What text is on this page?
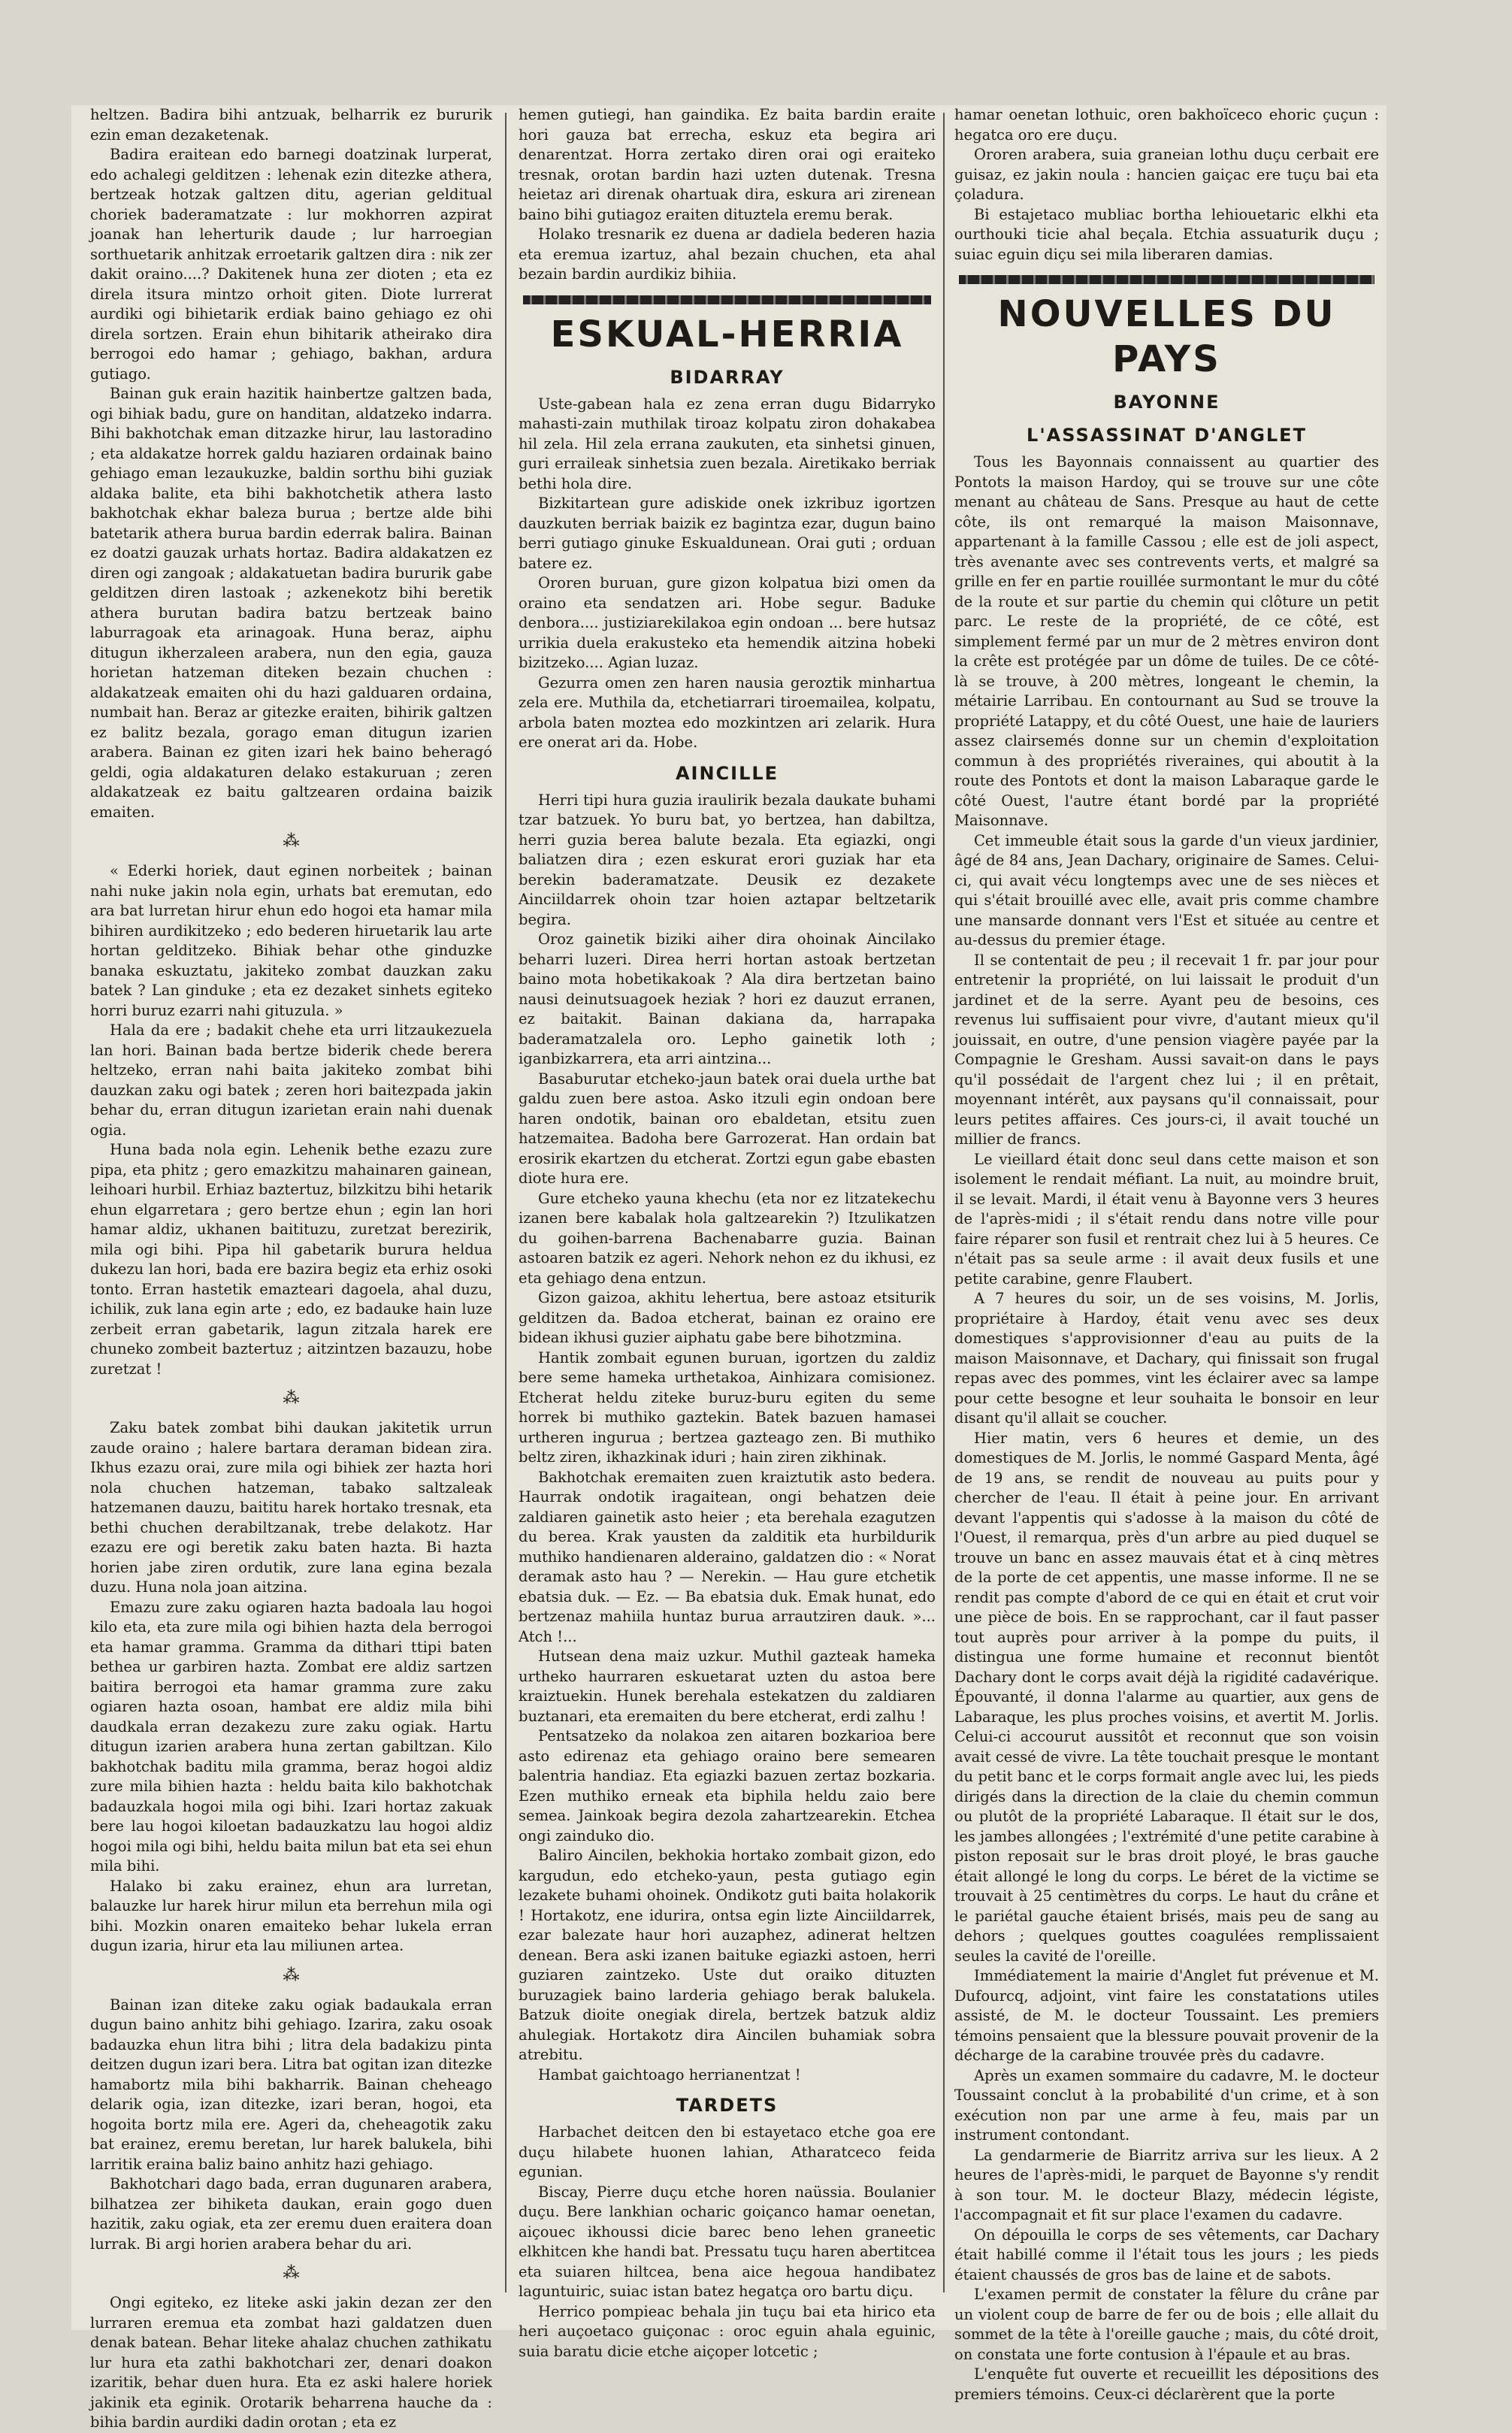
heltzen. Badira bihi antzuak, belharrik ez bururik ezin eman dezaketenak.

Badira eraitean edo barnegi doatzinak lurperat, edo achalegi gelditzen : lehenak ezin ditezke athera, bertzeak hotzak galtzen ditu, agerian gelditual choriek baderamatzate : lur mokhorren azpirat joanak han leherturik daude ; lur harroegian sorthuetarik anhitzak erroetarik galtzen dira : nik zer dakit oraino....? Dakitenek huna zer dioten ; eta ez direla itsura mintzo orhoit giten. Diote lurrerat aurdiki ogi bihietarik erdiak baino gehiago ez ohi direla sortzen. Erain ehun bihitarik atheirako dira berrogoi edo hamar ; gehiago, bakhan, ardura gutiago.

Bainan guk erain hazitik hainbertze galtzen bada, ogi bihiak badu, gure on handitan, aldatzeko indarra. Bihi bakhotchak eman ditzazke hirur, lau lastoradino ; eta aldakatze horrek galdu haziaren ordainak baino gehiago eman lezaukuzke, baldin sorthu bihi guziak aldaka balite, eta bihi bakhotchetik athera lasto bakhotchak ekhar baleza burua ; bertze alde bihi batetarik athera burua bardin ederrak balira. Bainan ez doatzi gauzak urhats hortaz. Badira aldakatzen ez diren ogi zangoak ; aldakatuetan badira bururik gabe gelditzen diren lastoak ; azkenekotz bihi beretik athera burutan badira batzu bertzeak baino laburragoak eta arinagoak. Huna beraz, aiphu ditugun ikherzaleen arabera, nun den egia, gauza horietan hatzeman diteken bezain chuchen : aldakatzeak emaiten ohi du hazi galduaren ordaina, numbait han. Beraz ar gitezke eraiten, bihirik galtzen ez balitz bezala, gorago eman ditugun izarien arabera. Bainan ez giten izari hek baino beheragó geldi, ogia aldakaturen delako estakuruan ; zeren aldakatzeak ez baitu galtzearen ordaina baizik emaiten.

⁂

« Ederki horiek, daut eginen norbeitek ; bainan nahi nuke jakin nola egin, urhats bat eremutan, edo ara bat lurretan hirur ehun edo hogoi eta hamar mila bihiren aurdikitzeko ; edo bederen hiruetarik lau arte hortan gelditzeko. Bihiak behar othe ginduzke banaka eskuztatu, jakiteko zombat dauzkan zaku batek ? Lan ginduke ; eta ez dezaket sinhets egiteko horri buruz ezarri nahi gituzula. »

Hala da ere ; badakit chehe eta urri litzaukezuela lan hori. Bainan bada bertze biderik chede berera heltzeko, erran nahi baita jakiteko zombat bihi dauzkan zaku ogi batek ; zeren hori baitezpada jakin behar du, erran ditugun izarietan erain nahi duenak ogia.

Huna bada nola egin. Lehenik bethe ezazu zure pipa, eta phitz ; gero emazkitzu mahainaren gainean, leihoari hurbil. Erhiaz baztertuz, bilzkitzu bihi hetarik ehun elgarretara ; gero bertze ehun ; egin lan hori hamar aldiz, ukhanen baitituzu, zuretzat berezirik, mila ogi bihi. Pipa hil gabetarik burura heldua dukezu lan hori, bada ere bazira begiz eta erhiz osoki tonto. Erran hastetik emazteari dagoela, ahal duzu, ichilik, zuk lana egin arte ; edo, ez badauke hain luze zerbeit erran gabetarik, lagun zitzala harek ere chuneko zombeit baztertuz ; aitzintzen bazauzu, hobe zuretzat !

⁂

Zaku batek zombat bihi daukan jakitetik urrun zaude oraino ; halere bartara deraman bidean zira. Ikhus ezazu orai, zure mila ogi bihiek zer hazta hori nola chuchen hatzeman, tabako saltzaleak hatzemanen dauzu, baititu harek hortako tresnak, eta bethi chuchen derabiltzanak, trebe delakotz. Har ezazu ere ogi beretik zaku baten hazta. Bi hazta horien jabe ziren ordutik, zure lana egina bezala duzu. Huna nola joan aitzina.

Emazu zure zaku ogiaren hazta badoala lau hogoi kilo eta, eta zure mila ogi bihien hazta dela berrogoi eta hamar gramma. Gramma da dithari ttipi baten bethea ur garbiren hazta. Zombat ere aldiz sartzen baitira berrogoi eta hamar gramma zure zaku ogiaren hazta osoan, hambat ere aldiz mila bihi daudkala erran dezakezu zure zaku ogiak. Hartu ditugun izarien arabera huna zertan gabiltzan. Kilo bakhotchak baditu mila gramma, beraz hogoi aldiz zure mila bihien hazta : heldu baita kilo bakhotchak badauzkala hogoi mila ogi bihi. Izari hortaz zakuak bere lau hogoi kiloetan badauzkatzu lau hogoi aldiz hogoi mila ogi bihi, heldu baita milun bat eta sei ehun mila bihi.

Halako bi zaku erainez, ehun ara lurretan, balauzke lur harek hirur milun eta berrehun mila ogi bihi. Mozkin onaren emaiteko behar lukela erran dugun izaria, hirur eta lau miliunen artea.

⁂

Bainan izan diteke zaku ogiak badaukala erran dugun baino anhitz bihi gehiago. Izarira, zaku osoak badauzka ehun litra bihi ; litra dela badakizu pinta deitzen dugun izari bera. Litra bat ogitan izan ditezke hamabortz mila bihi bakharrik. Bainan cheheago delarik ogia, izan ditezke, izari beran, hogoi, eta hogoita bortz mila ere. Ageri da, cheheagotik zaku bat erainez, eremu beretan, lur harek balukela, bihi larritik eraina baliz baino anhitz hazi gehiago.

Bakhotchari dago bada, erran dugunaren arabera, bilhatzea zer bihiketa daukan, erain gogo duen hazitik, zaku ogiak, eta zer eremu duen eraitera doan lurrak. Bi argi horien arabera behar du ari.

⁂

Ongi egiteko, ez liteke aski jakin dezan zer den lurraren eremua eta zombat hazi galdatzen duen denak batean. Behar liteke ahalaz chuchen zathikatu lur hura eta zathi bakhotchari zer, denari doakon izaritik, behar duen hura. Eta ez aski halere horiek jakinik eta eginik. Orotarik beharrena hauche da : bihia bardin aurdiki dadin orotan ; eta ez

hemen gutiegi, han gaindika. Ez baita bardin eraite hori gauza bat errecha, eskuz eta begira ari denarentzat. Horra zertako diren orai ogi eraiteko tresnak, orotan bardin hazi uzten dutenak. Tresna heietaz ari direnak ohartuak dira, eskura ari zirenean baino bihi gutiagoz eraiten dituztela eremu berak.

Holako tresnarik ez duena ar dadiela bederen hazia eta eremua izartuz, ahal bezain chuchen, eta ahal bezain bardin aurdikiz bihiia.

ESKUAL-HERRIA
BIDARRAY

Uste-gabean hala ez zena erran dugu Bidarryko mahasti-zain muthilak tiroaz kolpatu ziron dohakabea hil zela. Hil zela errana zaukuten, eta sinhetsi ginuen, guri erraileak sinhetsia zuen bezala. Airetikako berriak bethi hola dire.

Bizkitartean gure adiskide onek izkribuz igortzen dauzkuten berriak baizik ez bagintza ezar, dugun baino berri gutiago ginuke Eskualdunean. Orai guti ; orduan batere ez.

Ororen buruan, gure gizon kolpatua bizi omen da oraino eta sendatzen ari. Hobe segur. Baduke denbora.... justiziarekilakoa egin ondoan ... bere hutsaz urrikia duela erakusteko eta hemendik aitzina hobeki bizitzeko.... Agian luzaz.

Gezurra omen zen haren nausia geroztik minhartua zela ere. Muthila da, etchetiarrari tiroemailea, kolpatu, arbola baten moztea edo mozkintzen ari zelarik. Hura ere onerat ari da. Hobe.

AINCILLE

Herri tipi hura guzia iraulirik bezala daukate buhami tzar batzuek. Yo buru bat, yo bertzea, han dabiltza, herri guzia berea balute bezala. Eta egiazki, ongi baliatzen dira ; ezen eskurat erori guziak har eta berekin baderamatzate. Deusik ez dezakete Ainciildarrek ohoin tzar hoien aztapar beltzetarik begira.

Oroz gainetik biziki aiher dira ohoinak Aincilako beharri luzeri. Direa herri hortan astoak bertzetan baino mota hobetikakoak ? Ala dira bertzetan baino nausi deinutsuagoek heziak ? hori ez dauzut erranen, ez baitakit. Bainan dakiana da, harrapaka baderamatzalela oro. Lepho gainetik loth ; iganbizkarrera, eta arri aintzina...

Basaburutar etcheko-jaun batek orai duela urthe bat galdu zuen bere astoa. Asko itzuli egin ondoan bere haren ondotik, bainan oro ebaldetan, etsitu zuen hatzemaitea. Badoha bere Garrozerat. Han ordain bat erosirik ekartzen du etcherat. Zortzi egun gabe ebasten diote hura ere.

Gure etcheko yauna khechu (eta nor ez litzatekechu izanen bere kabalak hola galtzearekin ?) Itzulikatzen du goihen-barrena Bachenabarre guzia. Bainan astoaren batzik ez ageri. Nehork nehon ez du ikhusi, ez eta gehiago dena entzun.

Gizon gaizoa, akhitu lehertua, bere astoaz etsiturik gelditzen da. Badoa etcherat, bainan ez oraino ere bidean ikhusi guzier aiphatu gabe bere bihotzmina.

Hantik zombait egunen buruan, igortzen du zaldiz bere seme hameka urthetakoa, Ainhizara comisionez. Etcherat heldu ziteke buruz-buru egiten du seme horrek bi muthiko gaztekin. Batek bazuen hamasei urtheren ingurua ; bertzea gazteago zen. Bi muthiko beltz ziren, ikhazkinak iduri ; hain ziren zikhinak.

Bakhotchak eremaiten zuen kraiztutik asto bedera. Haurrak ondotik iragaitean, ongi behatzen deie zaldiaren gainetik asto heier ; eta berehala ezagutzen du berea. Krak yausten da zalditik eta hurbildurik muthiko handienaren alderaino, galdatzen dio : « Norat deramak asto hau ? — Nerekin. — Hau gure etchetik ebatsia duk. — Ez. — Ba ebatsia duk. Emak hunat, edo bertzenaz mahiila huntaz burua arrautziren dauk. »... Atch !...

Hutsean dena maiz uzkur. Muthil gazteak hameka urtheko haurraren eskuetarat uzten du astoa bere kraiztuekin. Hunek berehala estekatzen du zaldiaren buztanari, eta eremaiten du bere etcherat, erdi zalhu !

Pentsatzeko da nolakoa zen aitaren bozkarioa bere asto edirenaz eta gehiago oraino bere semearen balentria handiaz. Eta egiazki bazuen zertaz bozkaria. Ezen muthiko erneak eta biphila heldu zaio bere semea. Jainkoak begira dezola zahartzearekin. Etchea ongi zainduko dio.

Baliro Aincilen, bekhokia hortako zombait gizon, edo kargudun, edo etcheko-yaun, pesta gutiago egin lezakete buhami ohoinek. Ondikotz guti baita holakorik ! Hortakotz, ene idurira, ontsa egin lizte Ainciildarrek, ezar balezate haur hori auzaphez, adinerat heltzen denean. Bera aski izanen baituke egiazki astoen, herri guziaren zaintzeko. Uste dut oraiko dituzten buruzagiek baino larderia gehiago berak balukela. Batzuk dioite onegiak direla, bertzek batzuk aldiz ahulegiak. Hortakotz dira Aincilen buhamiak sobra atrebitu.

Hambat gaichtoago herrianentzat !

TARDETS

Harbachet deitcen den bi estayetaco etche goa ere duçu hilabete huonen lahian, Atharatceco feida egunian.

Biscay, Pierre duçu etche horen naüssia. Boulanier duçu. Bere lankhian ocharic goiçanco hamar oenetan, aiçouec ikhoussi dicie barec beno lehen graneetic elkhitcen khe handi bat. Pressatu tuçu haren abertitcea eta suiaren hiltcea, bena aice hegoua handibatez laguntuiric, suiac istan batez hegatça oro bartu diçu.

Herrico pompieac behala jin tuçu bai eta hirico eta heri auçoetaco guiçonac : oroc eguin ahala eguinic, suia baratu dicie etche aiçoper lotcetic ;

hamar oenetan lothuic, oren bakhoïceco ehoric çuçun : hegatca oro ere duçu.

Ororen arabera, suia graneian lothu duçu cerbait ere guisaz, ez jakin noula : hancien gaiçac ere tuçu bai eta çoladura.

Bi estajetaco mubliac bortha lehiouetaric elkhi eta ourthouki ticie ahal beçala. Etchia assuaturik duçu ; suiac eguin diçu sei mila liberaren damias.

NOUVELLES DU PAYS
BAYONNE
L'ASSASSINAT D'ANGLET

Tous les Bayonnais connaissent au quartier des Pontots la maison Hardoy, qui se trouve sur une côte menant au château de Sans. Presque au haut de cette côte, ils ont remarqué la maison Maisonnave, appartenant à la famille Cassou ; elle est de joli aspect, très avenante avec ses contrevents verts, et malgré sa grille en fer en partie rouillée surmontant le mur du côté de la route et sur partie du chemin qui clôture un petit parc. Le reste de la propriété, de ce côté, est simplement fermé par un mur de 2 mètres environ dont la crête est protégée par un dôme de tuiles. De ce côté-là se trouve, à 200 mètres, longeant le chemin, la métairie Larribau. En contournant au Sud se trouve la propriété Latappy, et du côté Ouest, une haie de lauriers assez clairsemés donne sur un chemin d'exploitation commun à des propriétés riveraines, qui aboutit à la route des Pontots et dont la maison Labaraque garde le côté Ouest, l'autre étant bordé par la propriété Maisonnave.

Cet immeuble était sous la garde d'un vieux jardinier, âgé de 84 ans, Jean Dachary, originaire de Sames. Celui-ci, qui avait vécu longtemps avec une de ses nièces et qui s'était brouillé avec elle, avait pris comme chambre une mansarde donnant vers l'Est et située au centre et au-dessus du premier étage.

Il se contentait de peu ; il recevait 1 fr. par jour pour entretenir la propriété, on lui laissait le produit d'un jardinet et de la serre. Ayant peu de besoins, ces revenus lui suffisaient pour vivre, d'autant mieux qu'il jouissait, en outre, d'une pension viagère payée par la Compagnie le Gresham. Aussi savait-on dans le pays qu'il possédait de l'argent chez lui ; il en prêtait, moyennant intérêt, aux paysans qu'il connaissait, pour leurs petites affaires. Ces jours-ci, il avait touché un millier de francs.

Le vieillard était donc seul dans cette maison et son isolement le rendait méfiant. La nuit, au moindre bruit, il se levait. Mardi, il était venu à Bayonne vers 3 heures de l'après-midi ; il s'était rendu dans notre ville pour faire réparer son fusil et rentrait chez lui à 5 heures. Ce n'était pas sa seule arme : il avait deux fusils et une petite carabine, genre Flaubert.

A 7 heures du soir, un de ses voisins, M. Jorlis, propriétaire à Hardoy, était venu avec ses deux domestiques s'approvisionner d'eau au puits de la maison Maisonnave, et Dachary, qui finissait son frugal repas avec des pommes, vint les éclairer avec sa lampe pour cette besogne et leur souhaita le bonsoir en leur disant qu'il allait se coucher.

Hier matin, vers 6 heures et demie, un des domestiques de M. Jorlis, le nommé Gaspard Menta, âgé de 19 ans, se rendit de nouveau au puits pour y chercher de l'eau. Il était à peine jour. En arrivant devant l'appentis qui s'adosse à la maison du côté de l'Ouest, il remarqua, près d'un arbre au pied duquel se trouve un banc en assez mauvais état et à cinq mètres de la porte de cet appentis, une masse informe. Il ne se rendit pas compte d'abord de ce qui en était et crut voir une pièce de bois. En se rapprochant, car il faut passer tout auprès pour arriver à la pompe du puits, il distingua une forme humaine et reconnut bientôt Dachary dont le corps avait déjà la rigidité cadavérique. Épouvanté, il donna l'alarme au quartier, aux gens de Labaraque, les plus proches voisins, et avertit M. Jorlis. Celui-ci accourut aussitôt et reconnut que son voisin avait cessé de vivre. La tête touchait presque le montant du petit banc et le corps formait angle avec lui, les pieds dirigés dans la direction de la claie du chemin commun ou plutôt de la propriété Labaraque. Il était sur le dos, les jambes allongées ; l'extrémité d'une petite carabine à piston reposait sur le bras droit ployé, le bras gauche était allongé le long du corps. Le béret de la victime se trouvait à 25 centimètres du corps. Le haut du crâne et le pariétal gauche étaient brisés, mais peu de sang au dehors ; quelques gouttes coagulées remplissaient seules la cavité de l'oreille.

Immédiatement la mairie d'Anglet fut prévenue et M. Dufourcq, adjoint, vint faire les constatations utiles assisté, de M. le docteur Toussaint. Les premiers témoins pensaient que la blessure pouvait provenir de la décharge de la carabine trouvée près du cadavre.

Après un examen sommaire du cadavre, M. le docteur Toussaint conclut à la probabilité d'un crime, et à son exécution non par une arme à feu, mais par un instrument contondant.

La gendarmerie de Biarritz arriva sur les lieux. A 2 heures de l'après-midi, le parquet de Bayonne s'y rendit à son tour. M. le docteur Blazy, médecin légiste, l'accompagnait et fit sur place l'examen du cadavre.

On dépouilla le corps de ses vêtements, car Dachary était habillé comme il l'était tous les jours ; les pieds étaient chaussés de gros bas de laine et de sabots.

L'examen permit de constater la fêlure du crâne par un violent coup de barre de fer ou de bois ; elle allait du sommet de la tête à l'oreille gauche ; mais, du côté droit, on constata une forte contusion à l'épaule et au bras.

L'enquête fut ouverte et recueillit les dépositions des premiers témoins. Ceux-ci déclarèrent que la porte
